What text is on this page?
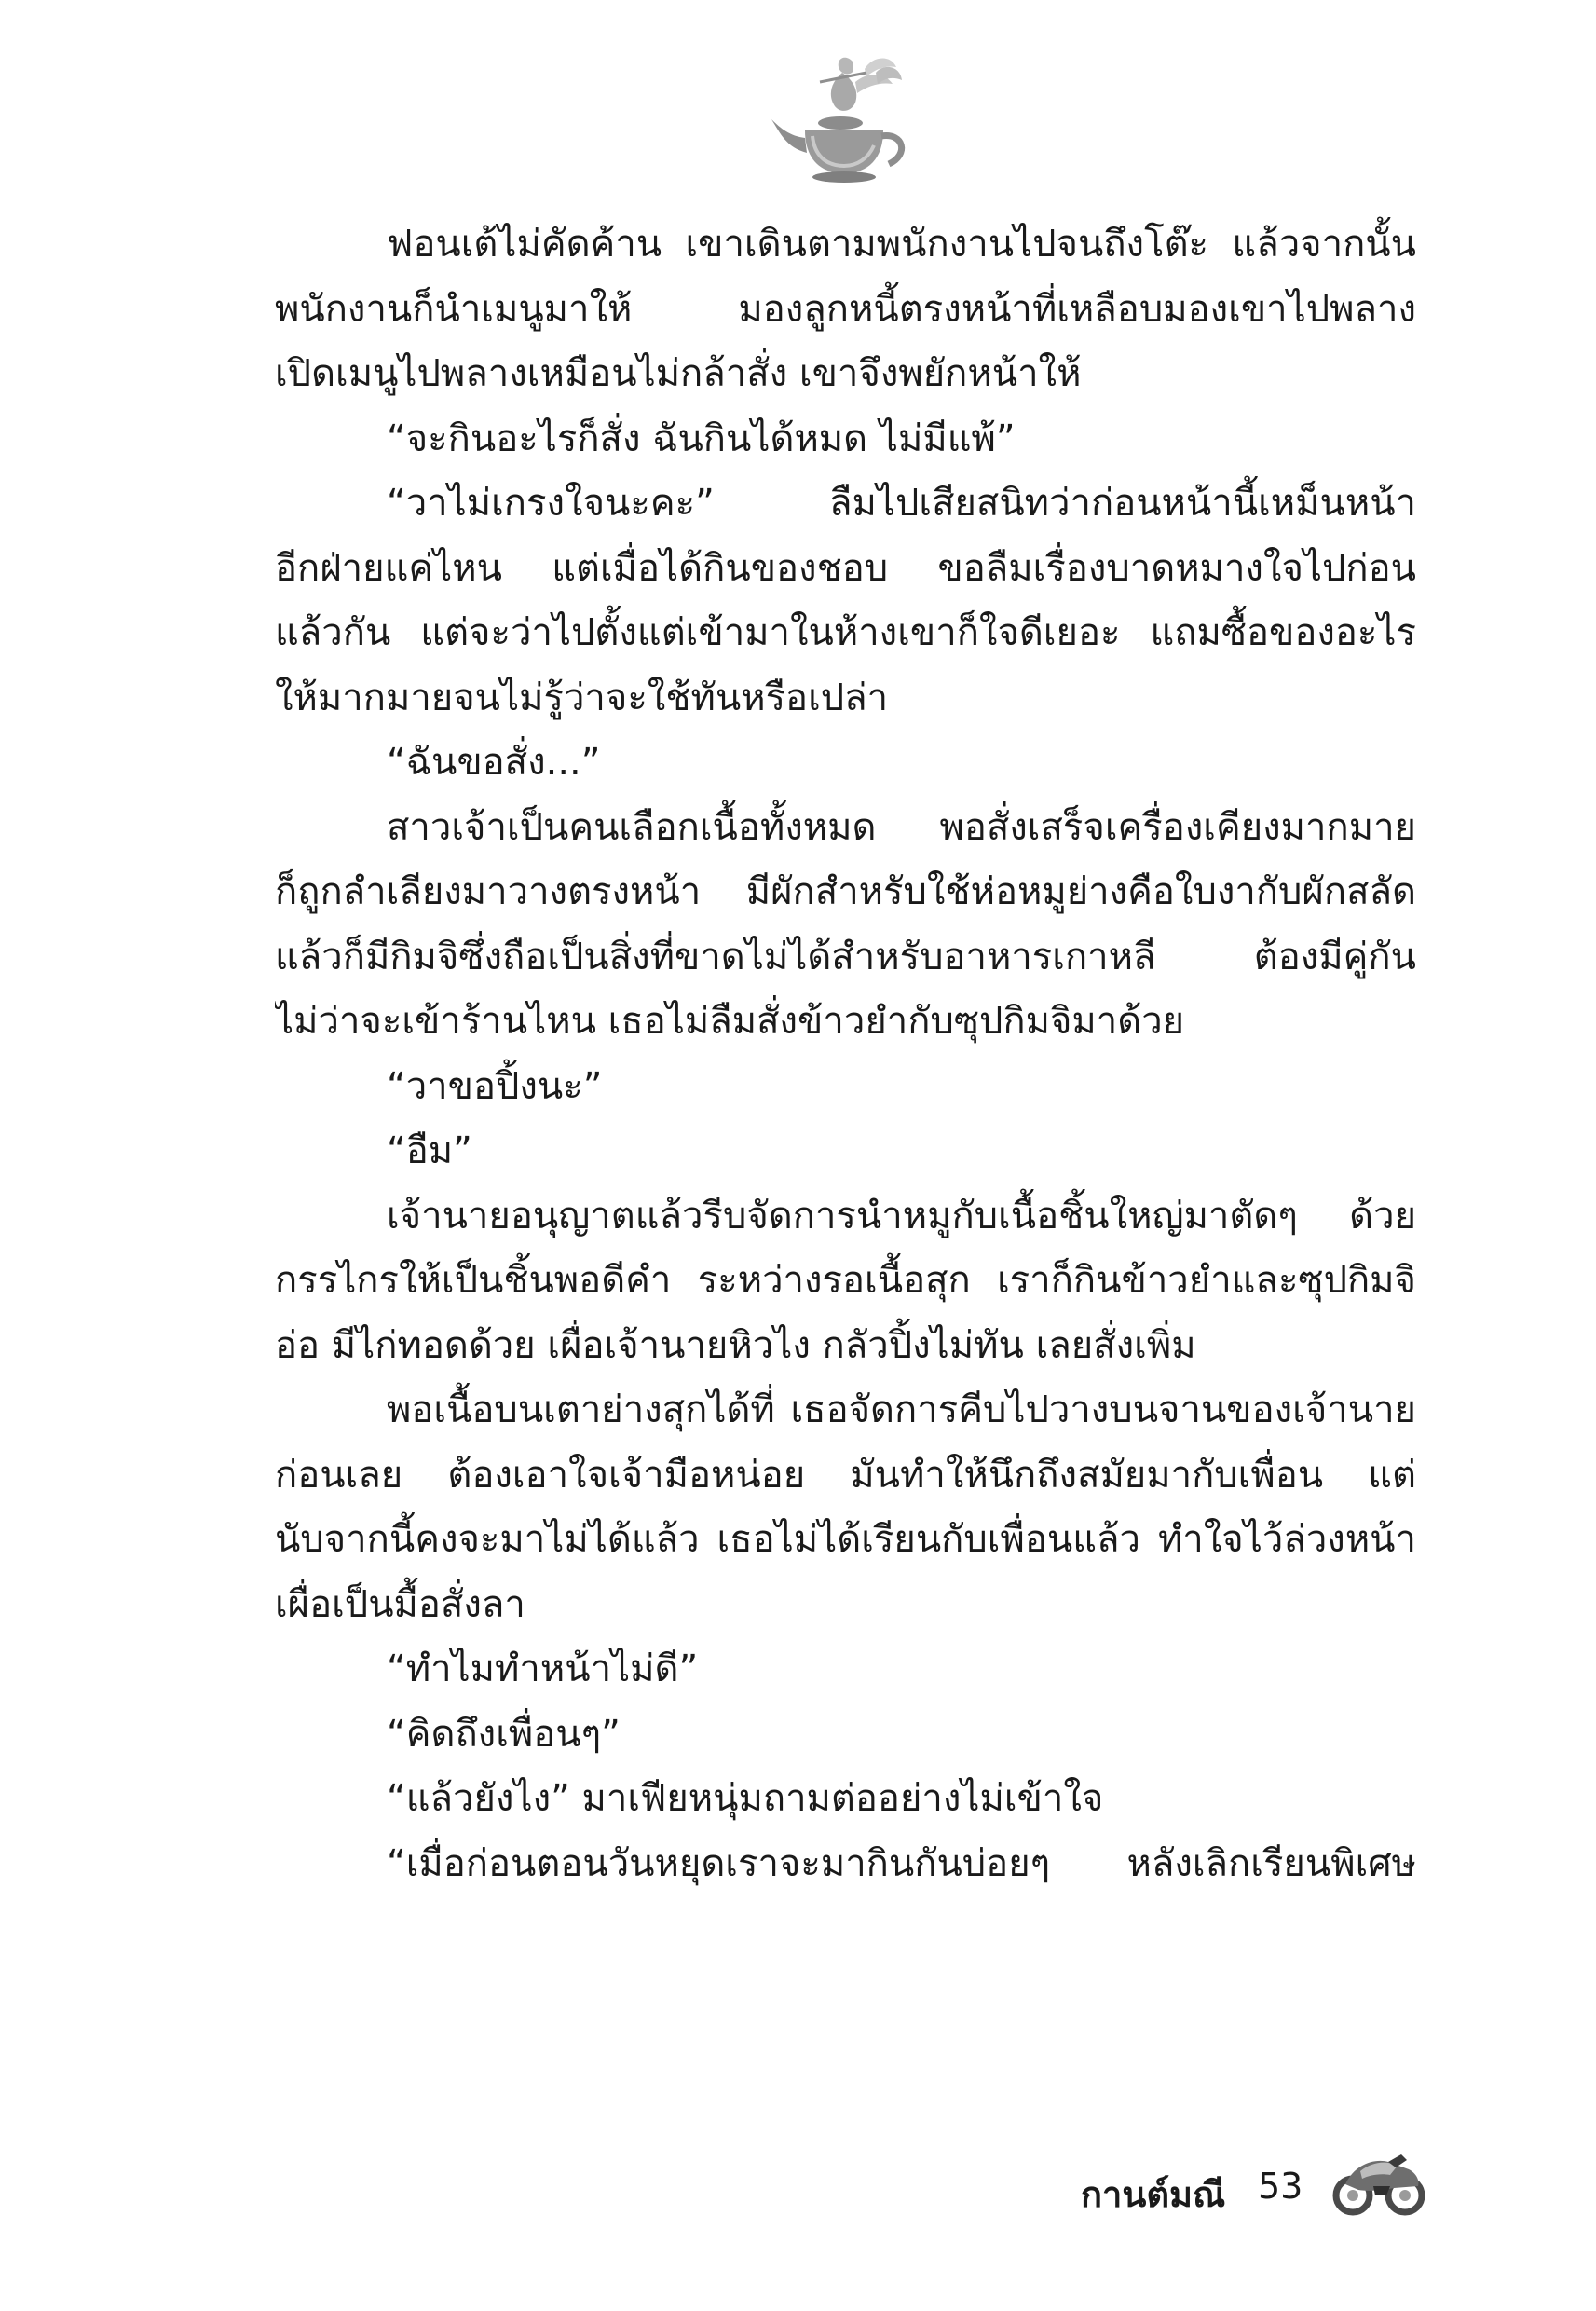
ฟอนเต้ไม่คัดค้าน เขาเดินตามพนักงานไปจนถึงโต๊ะ แล้วจากนั้น
พนักงานก็นำเมนูมาให้ มองลูกหนี้ตรงหน้าที่เหลือบมองเขาไปพลาง
เปิดเมนูไปพลางเหมือนไม่กล้าสั่ง เขาจึงพยักหน้าให้
“จะกินอะไรก็สั่ง ฉันกินได้หมด ไม่มีแพ้”
“วาไม่เกรงใจนะคะ” ลืมไปเสียสนิทว่าก่อนหน้านี้เหม็นหน้า
อีกฝ่ายแค่ไหน แต่เมื่อได้กินของชอบ ขอลืมเรื่องบาดหมางใจไปก่อน
แล้วกัน แต่จะว่าไปตั้งแต่เข้ามาในห้างเขาก็ใจดีเยอะ แถมซื้อของอะไร
ให้มากมายจนไม่รู้ว่าจะใช้ทันหรือเปล่า
“ฉันขอสั่ง...”
สาวเจ้าเป็นคนเลือกเนื้อทั้งหมด พอสั่งเสร็จเครื่องเคียงมากมาย
ก็ถูกลำเลียงมาวางตรงหน้า มีผักสำหรับใช้ห่อหมูย่างคือใบงากับผักสลัด
แล้วก็มีกิมจิซึ่งถือเป็นสิ่งที่ขาดไม่ได้สำหรับอาหารเกาหลี ต้องมีคู่กัน
ไม่ว่าจะเข้าร้านไหน เธอไม่ลืมสั่งข้าวยำกับซุปกิมจิมาด้วย
“วาขอปิ้งนะ”
“อืม”
เจ้านายอนุญาตแล้วรีบจัดการนำหมูกับเนื้อชิ้นใหญ่มาตัดๆ ด้วย
กรรไกรให้เป็นชิ้นพอดีคำ ระหว่างรอเนื้อสุก เราก็กินข้าวยำและซุปกิมจิ
อ่อ มีไก่ทอดด้วย เผื่อเจ้านายหิวไง กลัวปิ้งไม่ทัน เลยสั่งเพิ่ม
พอเนื้อบนเตาย่างสุกได้ที่ เธอจัดการคีบไปวางบนจานของเจ้านาย
ก่อนเลย ต้องเอาใจเจ้ามือหน่อย มันทำให้นึกถึงสมัยมากับเพื่อน แต่
นับจากนี้คงจะมาไม่ได้แล้ว เธอไม่ได้เรียนกับเพื่อนแล้ว ทำใจไว้ล่วงหน้า
เผื่อเป็นมื้อสั่งลา
“ทำไมทำหน้าไม่ดี”
“คิดถึงเพื่อนๆ”
“แล้วยังไง” มาเฟียหนุ่มถามต่ออย่างไม่เข้าใจ
“เมื่อก่อนตอนวันหยุดเราจะมากินกันบ่อยๆ หลังเลิกเรียนพิเศษ
กานต์มณี 53
